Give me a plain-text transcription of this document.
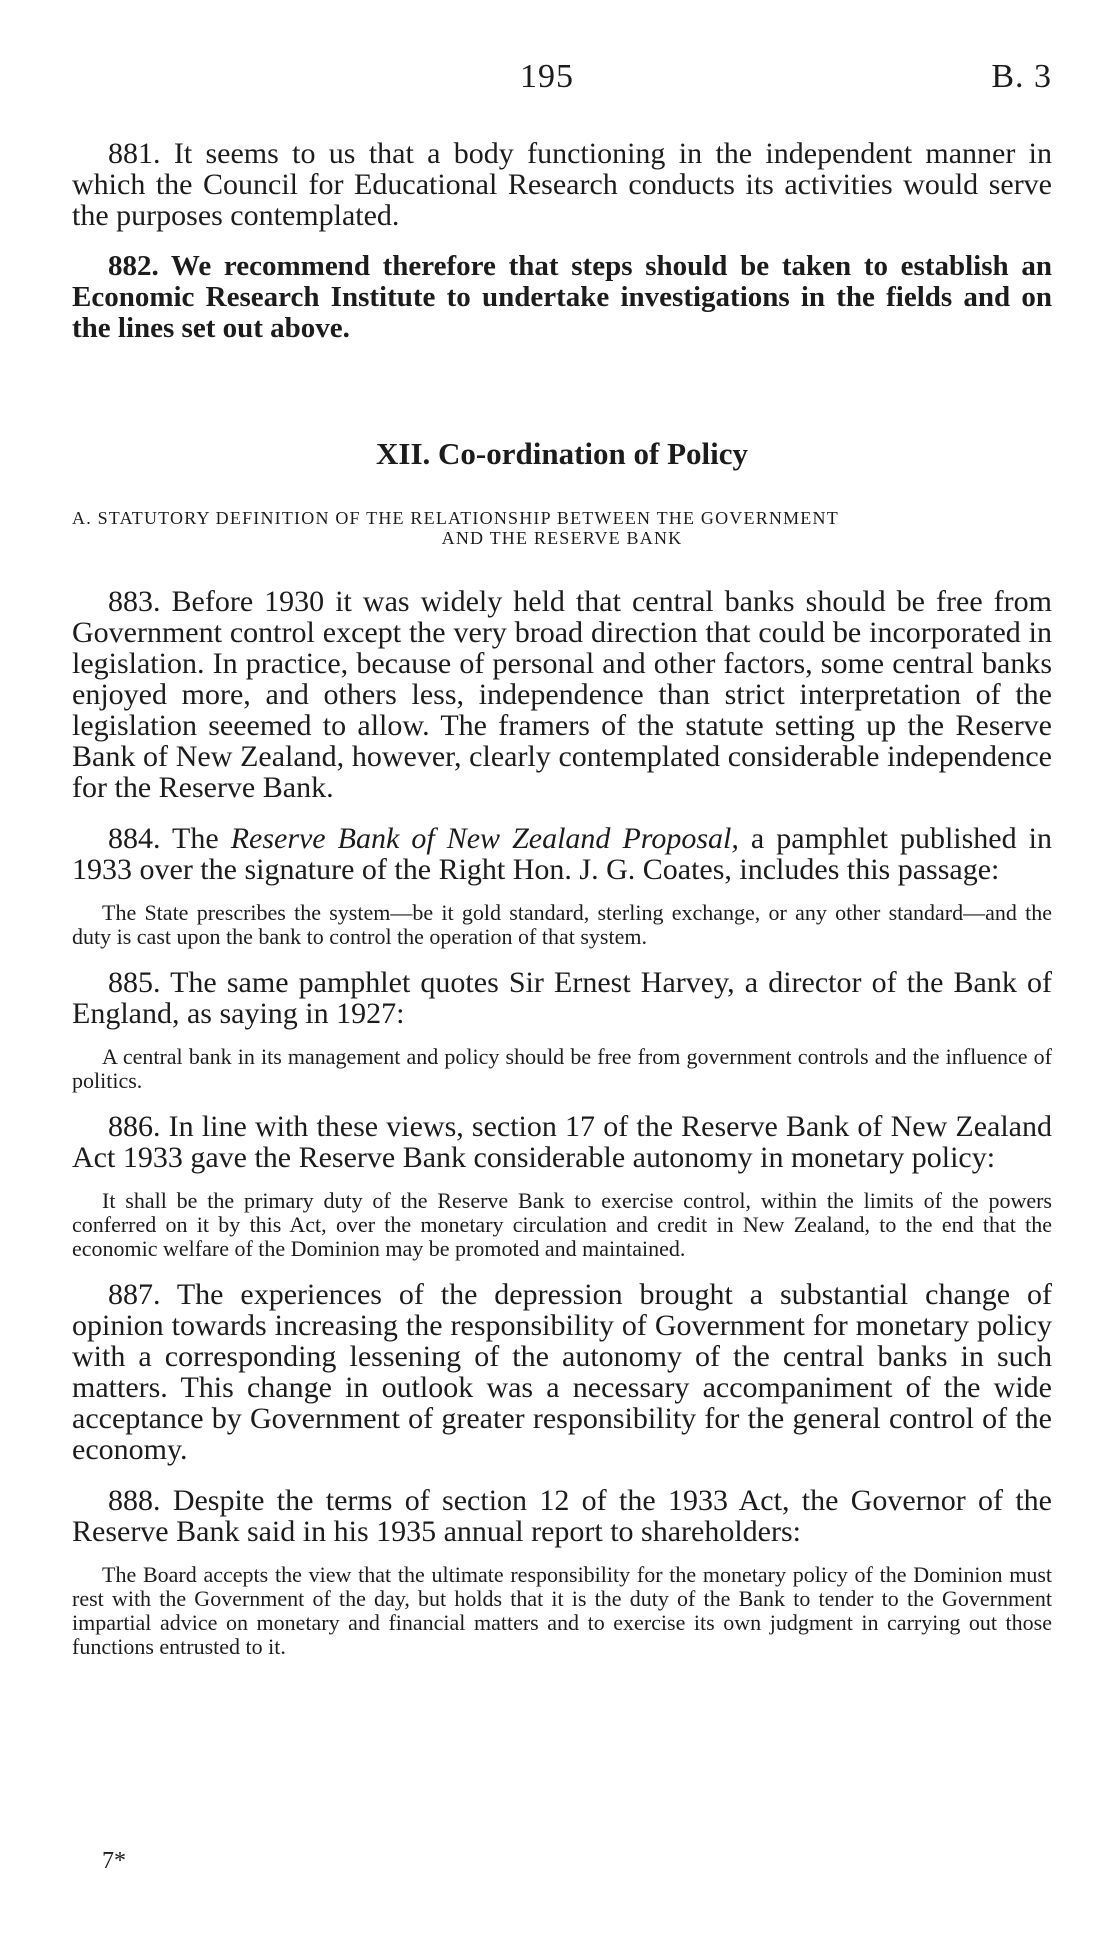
195	B. 3

881. It seems to us that a body functioning in the independent manner in which the Council for Educational Research conducts its activities would serve the purposes contemplated.

882. We recommend therefore that steps should be taken to establish an Economic Research Institute to undertake investigations in the fields and on the lines set out above.

XII. Co-ordination of Policy
A. STATUTORY DEFINITION OF THE RELATIONSHIP BETWEEN THE GOVERNMENT
AND THE RESERVE BANK

883. Before 1930 it was widely held that central banks should be free from Government control except the very broad direction that could be incorporated in legislation. In practice, because of personal and other factors, some central banks enjoyed more, and others less, independence than strict interpretation of the legislation seeemed to allow. The framers of the statute setting up the Reserve Bank of New Zealand, however, clearly contemplated considerable independence for the Reserve Bank.

884. The Reserve Bank of New Zealand Proposal, a pamphlet published in 1933 over the signature of the Right Hon. J. G. Coates, includes this passage:

The State prescribes the system—be it gold standard, sterling exchange, or any other standard—and the duty is cast upon the bank to control the operation of that system.

885. The same pamphlet quotes Sir Ernest Harvey, a director of the Bank of England, as saying in 1927:

A central bank in its management and policy should be free from government controls and the influence of politics.

886. In line with these views, section 17 of the Reserve Bank of New Zealand Act 1933 gave the Reserve Bank considerable autonomy in monetary policy:

It shall be the primary duty of the Reserve Bank to exercise control, within the limits of the powers conferred on it by this Act, over the monetary circulation and credit in New Zealand, to the end that the economic welfare of the Dominion may be promoted and maintained.

887. The experiences of the depression brought a substantial change of opinion towards increasing the responsibility of Government for monetary policy with a corresponding lessening of the autonomy of the central banks in such matters. This change in outlook was a necessary accompaniment of the wide acceptance by Government of greater responsibility for the general control of the economy.

888. Despite the terms of section 12 of the 1933 Act, the Governor of the Reserve Bank said in his 1935 annual report to shareholders:

The Board accepts the view that the ultimate responsibility for the monetary policy of the Dominion must rest with the Government of the day, but holds that it is the duty of the Bank to tender to the Government impartial advice on monetary and financial matters and to exercise its own judgment in carrying out those functions entrusted to it.

7*
